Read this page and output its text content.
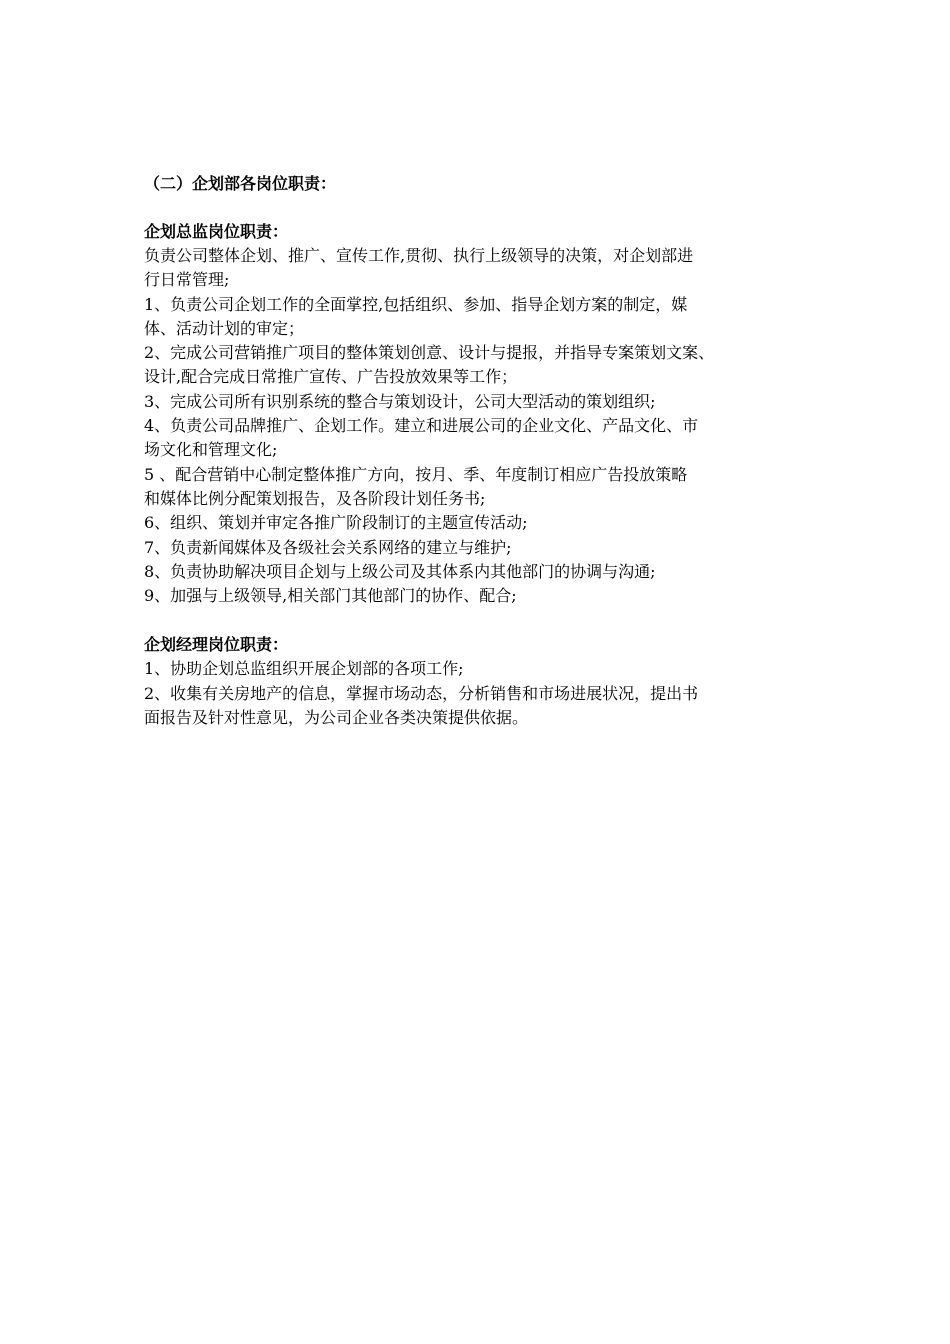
（二）企划部各岗位职责：
企划总监岗位职责：
负责公司整体企划、推广、宣传工作,贯彻、执行上级领导的决策，对企划部进
行日常管理;
1、负责公司企划工作的全面掌控,包括组织、参加、指导企划方案的制定，媒
体、活动计划的审定；
2、完成公司营销推广项目的整体策划创意、设计与提报，并指导专案策划文案、
设计,配合完成日常推广宣传、广告投放效果等工作；
3、完成公司所有识别系统的整合与策划设计，公司大型活动的策划组织;
4、负责公司品牌推广、企划工作。建立和进展公司的企业文化、产品文化、市
场文化和管理文化;
5 、配合营销中心制定整体推广方向，按月、季、年度制订相应广告投放策略
和媒体比例分配策划报告，及各阶段计划任务书;
6、组织、策划并审定各推广阶段制订的主题宣传活动;
7、负责新闻媒体及各级社会关系网络的建立与维护;
8、负责协助解决项目企划与上级公司及其体系内其他部门的协调与沟通;
9、加强与上级领导,相关部门其他部门的协作、配合;
企划经理岗位职责：
1、协助企划总监组织开展企划部的各项工作;
2、收集有关房地产的信息，掌握市场动态，分析销售和市场进展状况，提出书
面报告及针对性意见，为公司企业各类决策提供依据。
